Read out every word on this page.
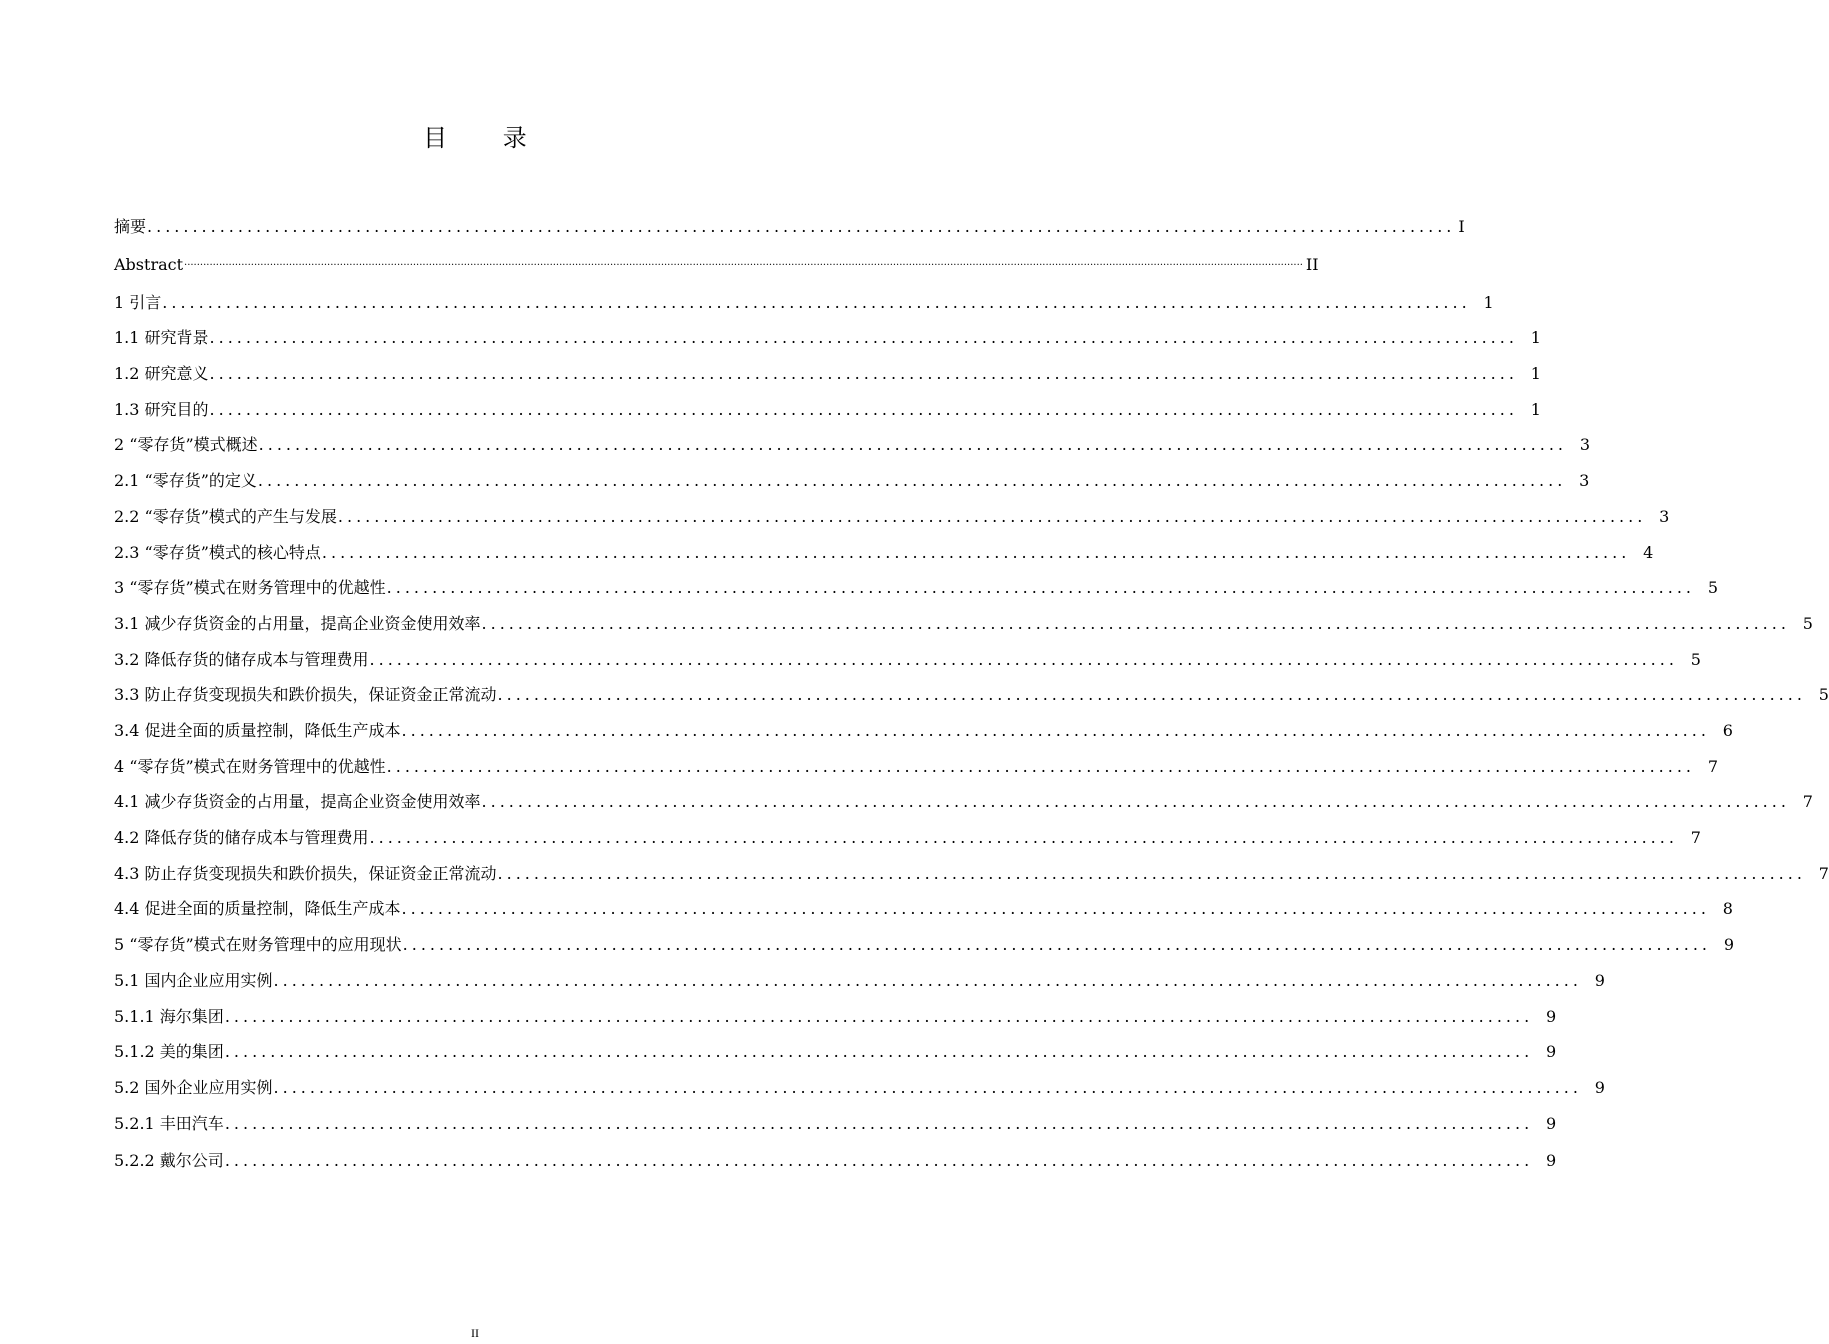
目 录
摘要 ................................................................................................................................................ I
Abstract ................................................................................................................................................................................................................................................................................................................................................................ II
1 引言 ................................................................................................................................................ 1
1.1 研究背景 ................................................................................................................................................ 1
1.2 研究意义 ................................................................................................................................................ 1
1.3 研究目的 ................................................................................................................................................ 1
2 “零存货”模式概述 ................................................................................................................................................ 3
2.1 “零存货”的定义 ................................................................................................................................................ 3
2.2 “零存货”模式的产生与发展 ................................................................................................................................................ 3
2.3 “零存货”模式的核心特点 ................................................................................................................................................ 4
3 “零存货”模式在财务管理中的优越性 ................................................................................................................................................ 5
3.1 减少存货资金的占用量，提高企业资金使用效率 ................................................................................................................................................ 5
3.2 降低存货的储存成本与管理费用 ................................................................................................................................................ 5
3.3 防止存货变现损失和跌价损失，保证资金正常流动 ................................................................................................................................................ 5
3.4 促进全面的质量控制，降低生产成本 ................................................................................................................................................ 6
4 “零存货”模式在财务管理中的优越性 ................................................................................................................................................ 7
4.1 减少存货资金的占用量，提高企业资金使用效率 ................................................................................................................................................ 7
4.2 降低存货的储存成本与管理费用 ................................................................................................................................................ 7
4.3 防止存货变现损失和跌价损失，保证资金正常流动 ................................................................................................................................................ 7
4.4 促进全面的质量控制，降低生产成本 ................................................................................................................................................ 8
5 “零存货”模式在财务管理中的应用现状 ................................................................................................................................................ 9
5.1 国内企业应用实例 ................................................................................................................................................ 9
5.1.1 海尔集团 ................................................................................................................................................ 9
5.1.2 美的集团 ................................................................................................................................................ 9
5.2 国外企业应用实例 ................................................................................................................................................ 9
5.2.1 丰田汽车 ................................................................................................................................................ 9
5.2.2 戴尔公司 ................................................................................................................................................ 9
II
